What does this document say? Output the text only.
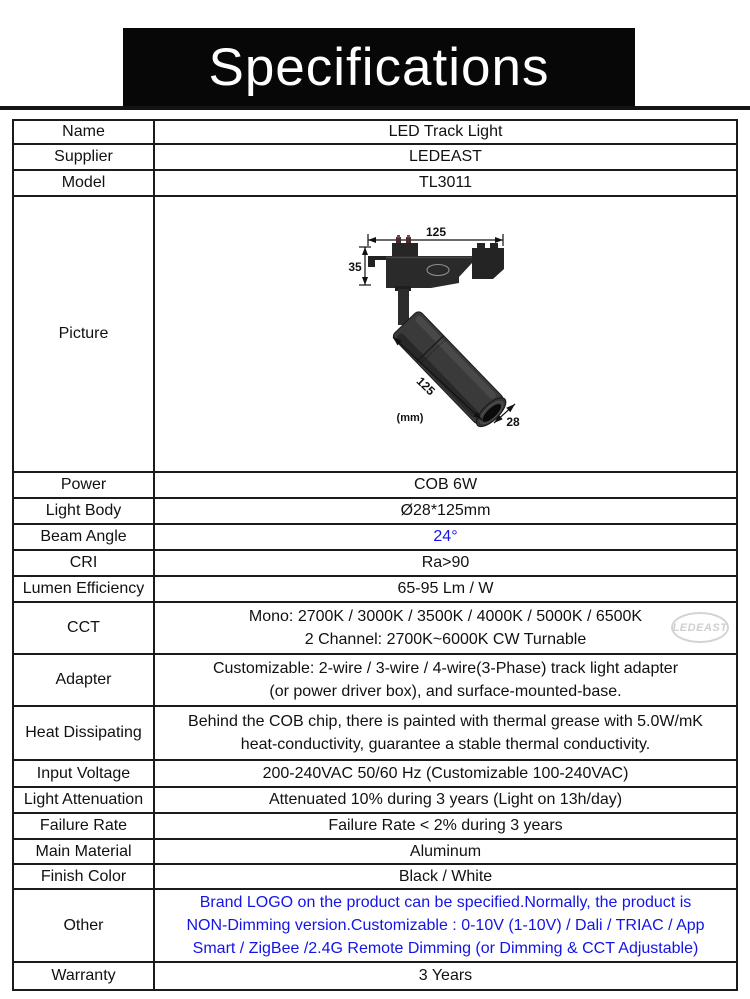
Specifications
Name	LED Track Light
Supplier	LEDEAST
Model	TL3011
Picture	125
35
125
28
(mm)

Power	COB 6W
Light Body	Ø28*125mm
Beam Angle	24°
CRI	Ra>90
Lumen Efficiency	65-95 Lm / W
CCT	Mono: 2700K / 3000K / 3500K / 4000K / 5000K / 6500K
2 Channel: 2700K~6000K CW Turnable

Adapter	Customizable: 2-wire / 3-wire / 4-wire(3-Phase) track light adapter
(or power driver box), and surface-mounted-base.

Heat Dissipating	Behind the COB chip, there is painted with thermal grease with 5.0W/mK
heat-conductivity, guarantee a stable thermal conductivity.

Input Voltage	200-240VAC 50/60 Hz (Customizable 100-240VAC)
Light Attenuation	Attenuated 10% during 3 years (Light on 13h/day)
Failure Rate	Failure Rate < 2% during 3 years
Main Material	Aluminum
Finish Color	Black / White
Other	Brand LOGO on the product can be specified.Normally, the product is
NON-Dimming version.Customizable : 0-10V (1-10V) / Dali / TRIAC / App
Smart / ZigBee /2.4G Remote Dimming (or Dimming & CCT Adjustable)

Warranty	3 Years
LEDEAST
